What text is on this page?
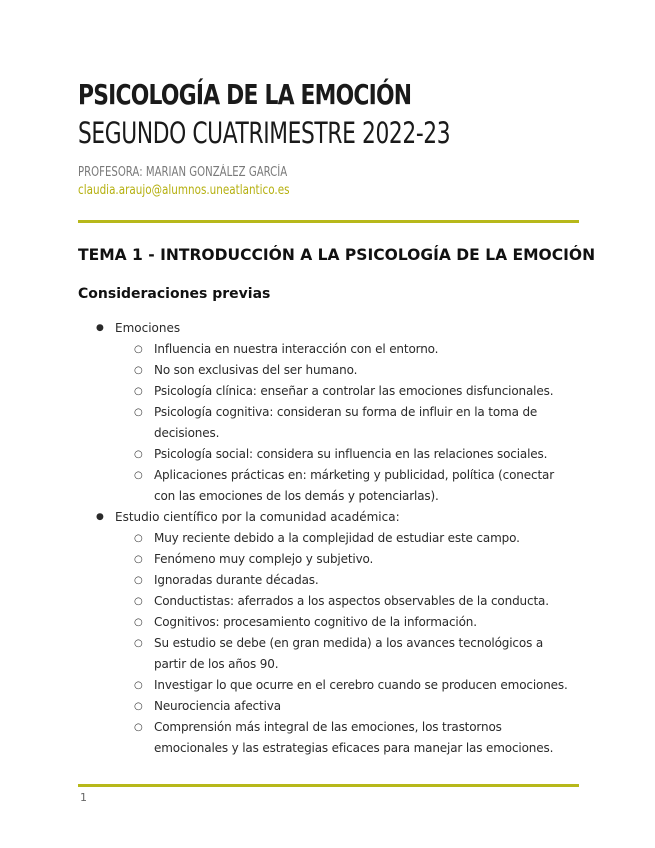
PSICOLOGÍA DE LA EMOCIÓN
SEGUNDO CUATRIMESTRE 2022-23
PROFESORA: MARIAN GONZÁLEZ GARCÍA
claudia.araujo@alumnos.uneatlantico.es
TEMA 1 - INTRODUCCIÓN A LA PSICOLOGÍA DE LA EMOCIÓN
Consideraciones previas
● Emociones
○ Influencia en nuestra interacción con el entorno.
○ No son exclusivas del ser humano.
○ Psicología clínica: enseñar a controlar las emociones disfuncionales.
○ Psicología cognitiva: consideran su forma de influir en la toma de decisiones.
○ Psicología social: considera su influencia en las relaciones sociales.
○ Aplicaciones prácticas en: márketing y publicidad, política (conectar con las emociones de los demás y potenciarlas).
● Estudio científico por la comunidad académica:
○ Muy reciente debido a la complejidad de estudiar este campo.
○ Fenómeno muy complejo y subjetivo.
○ Ignoradas durante décadas.
○ Conductistas: aferrados a los aspectos observables de la conducta.
○ Cognitivos: procesamiento cognitivo de la información.
○ Su estudio se debe (en gran medida) a los avances tecnológicos a partir de los años 90.
○ Investigar lo que ocurre en el cerebro cuando se producen emociones.
○ Neurociencia afectiva
○ Comprensión más integral de las emociones, los trastornos emocionales y las estrategias eficaces para manejar las emociones.
1
